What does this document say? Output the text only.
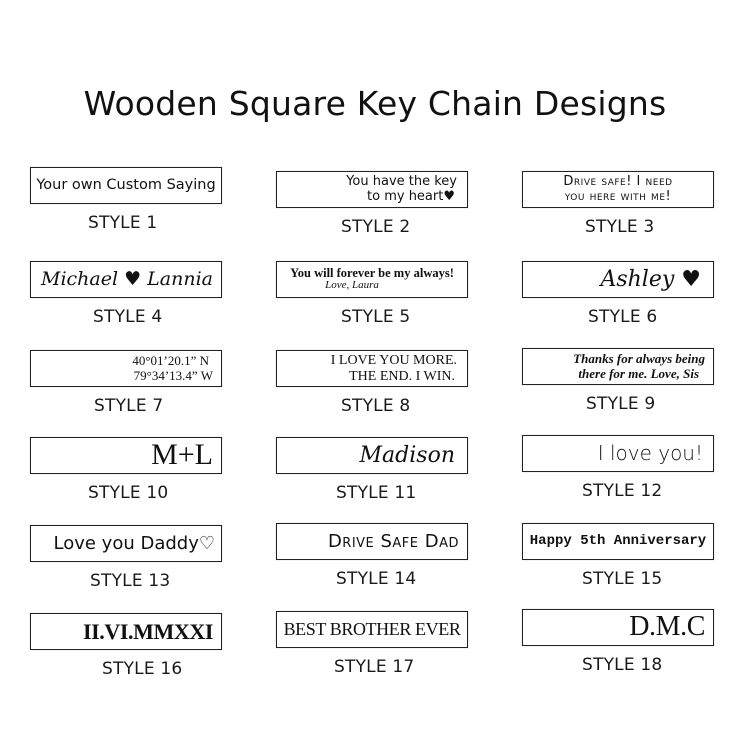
Wooden Square Key Chain Designs
Your own Custom Saying
STYLE 1
You have the key
to my heart♥
STYLE 2
Drive safe! I need
you here with me!
STYLE 3
Michael ♥ Lannia
STYLE 4
You will forever be my always!
Love, Laura
STYLE 5
Ashley ♥
STYLE 6
40°01’20.1” N
79°34’13.4” W
STYLE 7
I LOVE YOU MORE.
THE END. I WIN.
STYLE 8
Thanks for always being
there for me. Love, Sis
STYLE 9
M+L
STYLE 10
Madison
STYLE 11
I love you!
STYLE 12
Love you Daddy♡
STYLE 13
Drive Safe Dad
STYLE 14
Happy 5th Anniversary
STYLE 15
II.VI.MMXXI
STYLE 16
BEST BROTHER EVER
STYLE 17
D.M.C
STYLE 18
